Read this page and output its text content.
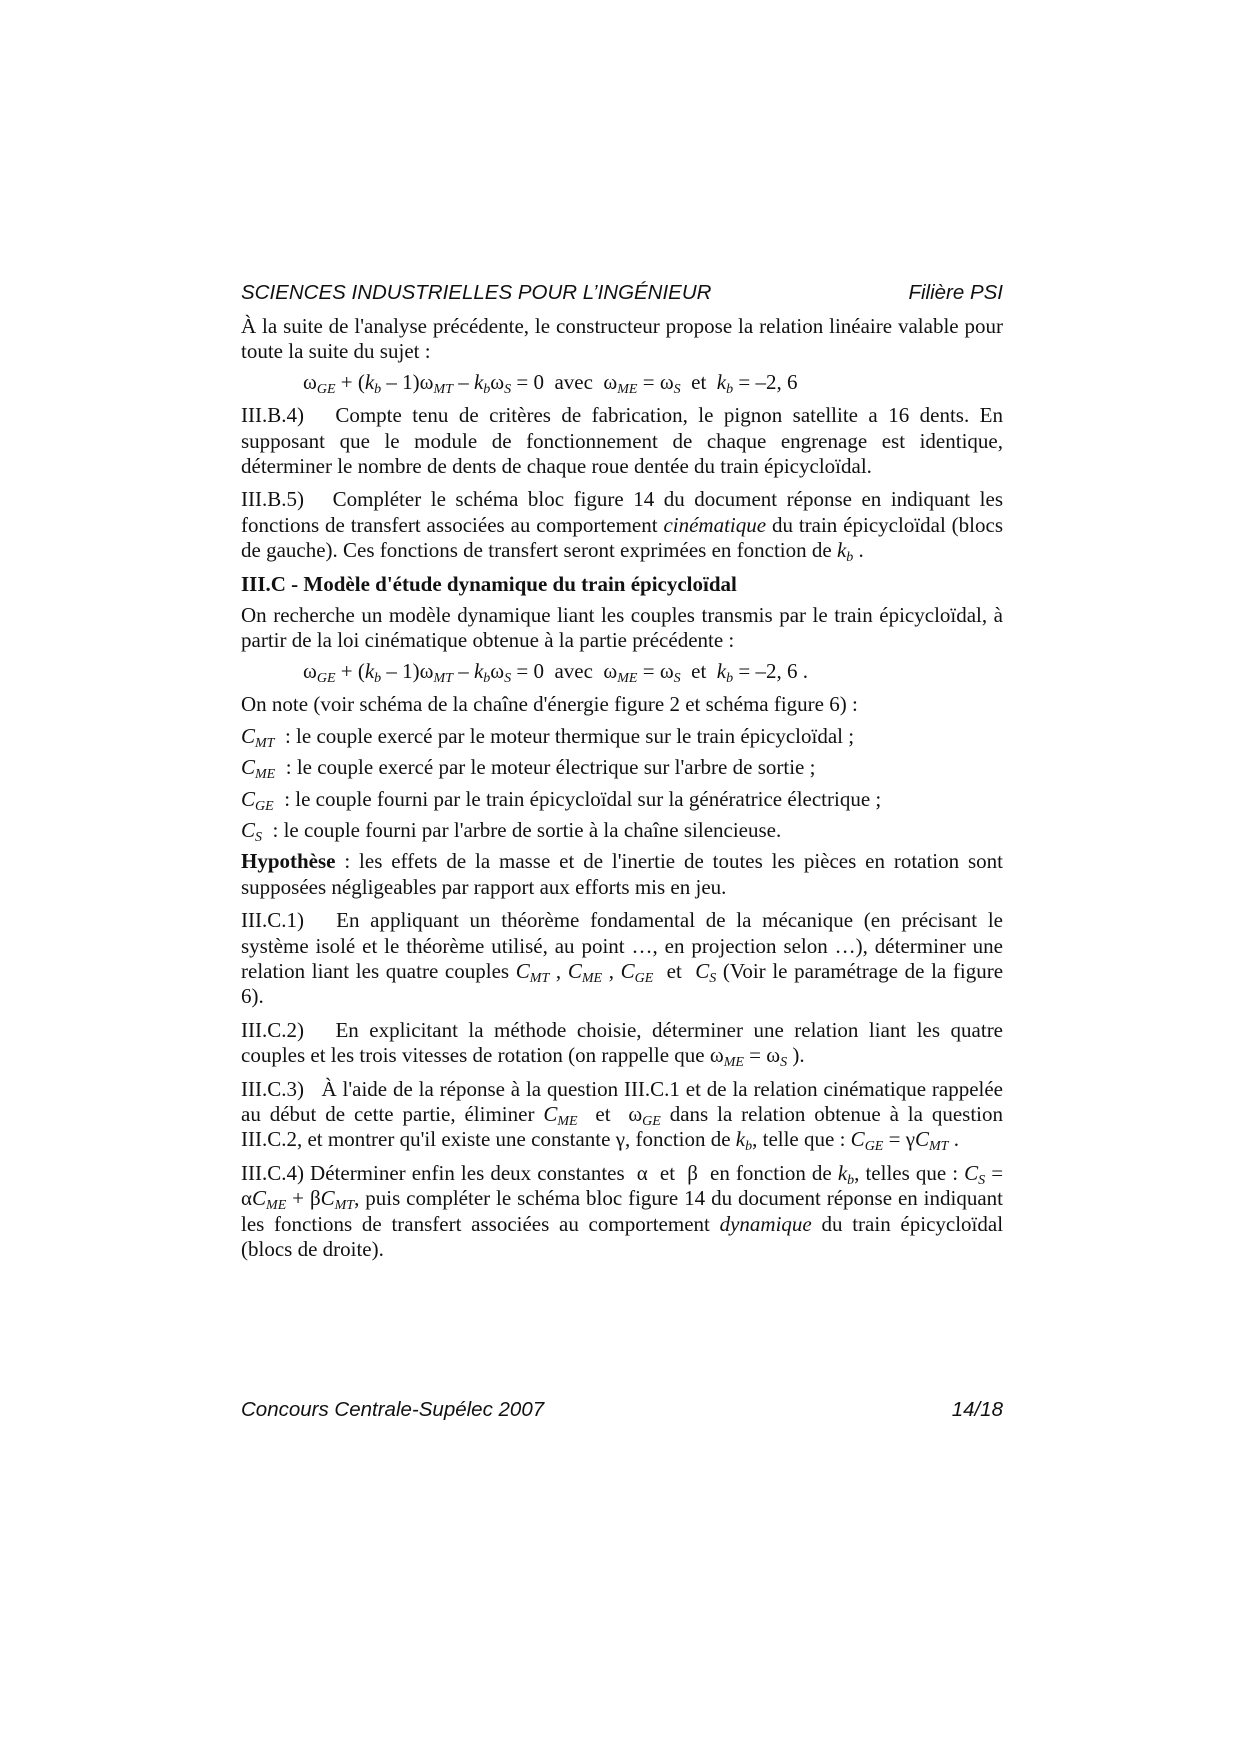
SCIENCES INDUSTRIELLES POUR L’INGÉNIEUR	Filière PSI

À la suite de l'analyse précédente, le constructeur propose la relation linéaire valable pour toute la suite du sujet :

$\omega_{GE} + (k_b - 1)\omega_{MT} - k_b\omega_S = 0$  avec $\omega_{ME} = \omega_S$ et $k_b = -2$, 6

III.B.4) Compte tenu de critères de fabrication, le pignon satellite a 16 dents. En supposant que le module de fonctionnement de chaque engrenage est identique, déterminer le nombre de dents de chaque roue dentée du train épicycloïdal.

III.B.5) Compléter le schéma bloc figure 14 du document réponse en indiquant les fonctions de transfert associées au comportement cinématique du train épicycloïdal (blocs de gauche). Ces fonctions de transfert seront exprimées en fonction de $k_b$ .

III.C - Modèle d'étude dynamique du train épicycloïdal

On recherche un modèle dynamique liant les couples transmis par le train épicycloïdal, à partir de la loi cinématique obtenue à la partie précédente :

$\omega_{GE} + (k_b - 1)\omega_{MT} - k_b\omega_S = 0$  avec  $\omega_{ME} = \omega_S$  et  $k_b = -2$, 6 .

On note (voir schéma de la chaîne d'énergie figure 2 et schéma figure 6) :

$C_{MT}$ : le couple exercé par le moteur thermique sur le train épicycloïdal ;

$C_{ME}$ : le couple exercé par le moteur électrique sur l'arbre de sortie ;

$C_{GE}$ : le couple fourni par le train épicycloïdal sur la génératrice électrique ;

$C_S$ : le couple fourni par l'arbre de sortie à la chaîne silencieuse.

Hypothèse : les effets de la masse et de l'inertie de toutes les pièces en rotation sont supposées négligeables par rapport aux efforts mis en jeu.

III.C.1) En appliquant un théorème fondamental de la mécanique (en précisant le système isolé et le théorème utilisé, au point …, en projection selon …), déterminer une relation liant les quatre couples $C_{MT}$ , $C_{ME}$ , $C_{GE}$  et  $C_S$ (Voir le paramétrage de la figure 6).

III.C.2) En explicitant la méthode choisie, déterminer une relation liant les quatre couples et les trois vitesses de rotation (on rappelle que $\omega_{ME} = \omega_S$ ).

III.C.3) À l'aide de la réponse à la question III.C.1 et de la relation cinématique rappelée au début de cette partie, éliminer $C_{ME}$  et  $\omega_{GE}$ dans la relation obtenue à la question III.C.2, et montrer qu'il existe une constante γ, fonction de $k_b$, telle que : $C_{GE} = \gamma C_{MT}$ .

III.C.4) Déterminer enfin les deux constantes α  et  β en fonction de $k_b$, telles que : $C_S = \alpha C_{ME} + \beta C_{MT}$, puis compléter le schéma bloc figure 14 du document réponse en indiquant les fonctions de transfert associées au comportement dynamique du train épicycloïdal (blocs de droite).

Concours Centrale-Supélec 2007	14/18
